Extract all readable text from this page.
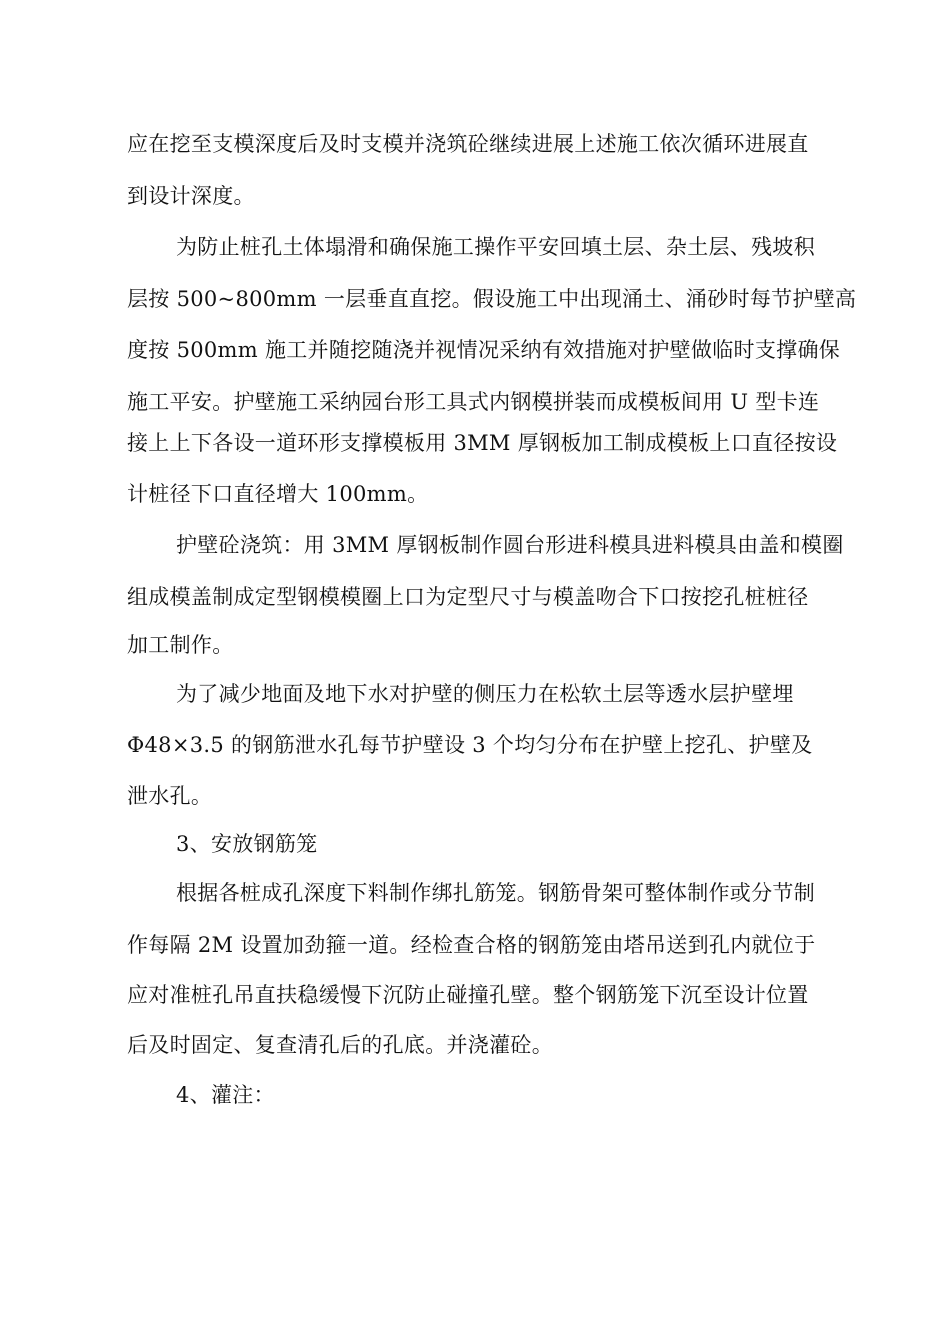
应在挖至支模深度后及时支模并浇筑砼继续进展上述施工依次循环进展直
到设计深度。
为防止桩孔土体塌滑和确保施工操作平安回填土层、杂土层、残坡积
层按 500~800mm 一层垂直直挖。假设施工中出现涌土、涌砂时每节护壁高
度按 500mm 施工并随挖随浇并视情况采纳有效措施对护壁做临时支撑确保
施工平安。护壁施工采纳园台形工具式内钢模拼装而成模板间用 U 型卡连
接上上下各设一道环形支撑模板用 3MM 厚钢板加工制成模板上口直径按设
计桩径下口直径增大 100mm。
护壁砼浇筑：用 3MM 厚钢板制作圆台形进科模具进料模具由盖和模圈
组成模盖制成定型钢模模圈上口为定型尺寸与模盖吻合下口按挖孔桩桩径
加工制作。
为了减少地面及地下水对护壁的侧压力在松软土层等透水层护壁埋
Φ48×3.5 的钢筋泄水孔每节护壁设 3 个均匀分布在护壁上挖孔、护壁及
泄水孔。
3、安放钢筋笼
根据各桩成孔深度下料制作绑扎筋笼。钢筋骨架可整体制作或分节制
作每隔 2M 设置加劲箍一道。经检查合格的钢筋笼由塔吊送到孔内就位于
应对准桩孔吊直扶稳缓慢下沉防止碰撞孔壁。整个钢筋笼下沉至设计位置
后及时固定、复查清孔后的孔底。并浇灌砼。
4、灌注：
